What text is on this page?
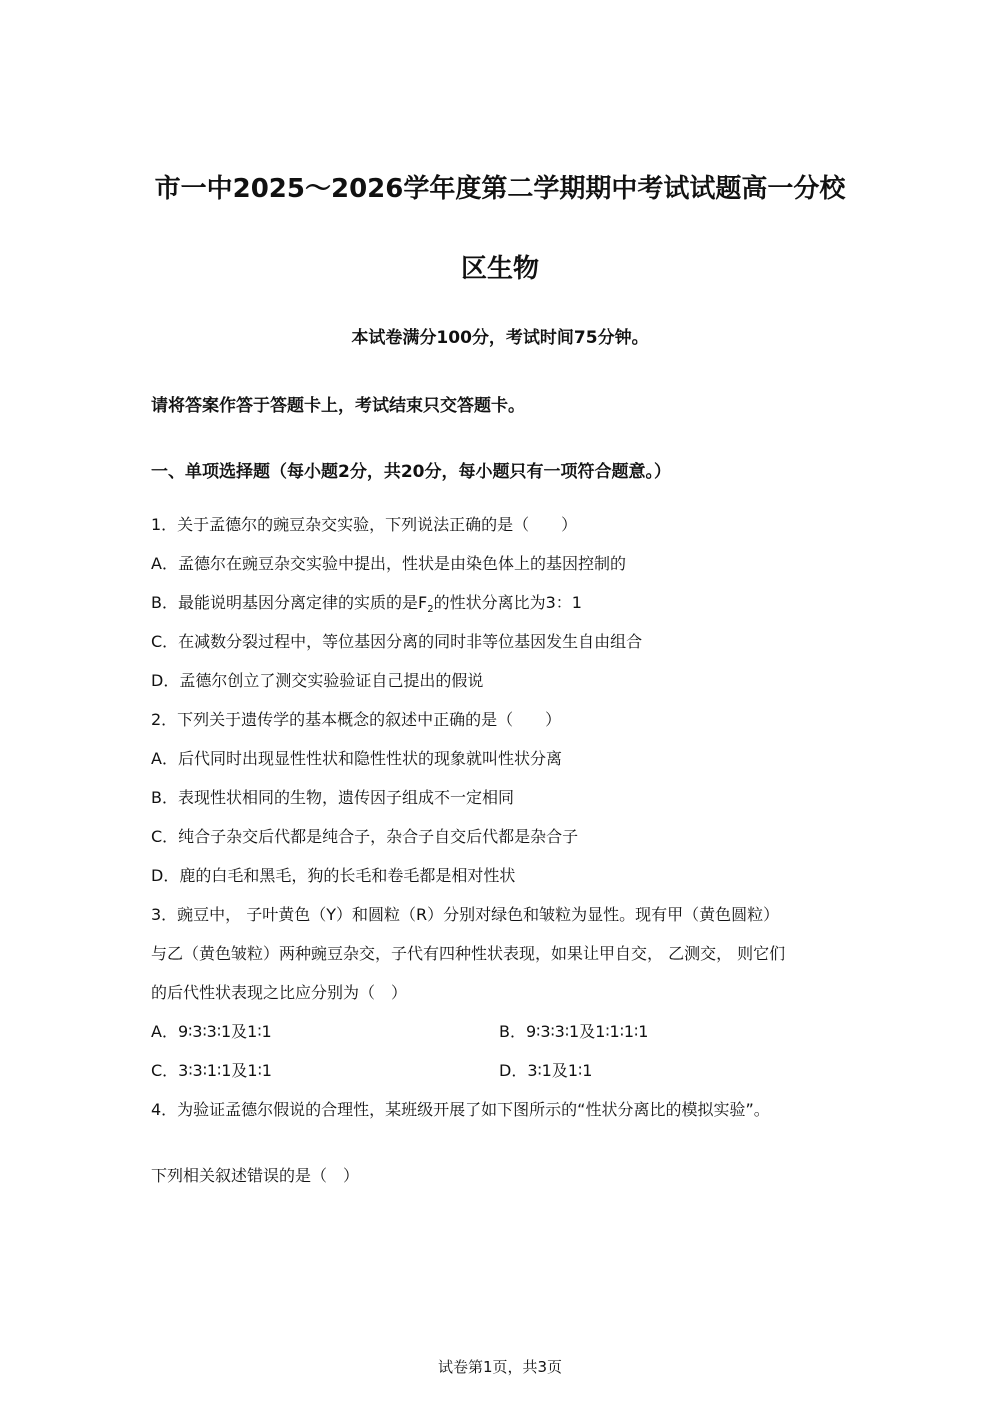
市一中2025～2026学年度第二学期期中考试试题高一分校
区生物
本试卷满分100分，考试时间75分钟。
请将答案作答于答题卡上，考试结束只交答题卡。
一、单项选择题（每小题2分，共20分，每小题只有一项符合题意。）
1．关于孟德尔的豌豆杂交实验，下列说法正确的是（　　）
A．孟德尔在豌豆杂交实验中提出，性状是由染色体上的基因控制的
B．最能说明基因分离定律的实质的是$F_2$的性状分离比为3：1
C．在减数分裂过程中，等位基因分离的同时非等位基因发生自由组合
D．孟德尔创立了测交实验验证自己提出的假说
2．下列关于遗传学的基本概念的叙述中正确的是（　　）
A．后代同时出现显性性状和隐性性状的现象就叫性状分离
B．表现性状相同的生物，遗传因子组成不一定相同
C．纯合子杂交后代都是纯合子，杂合子自交后代都是杂合子
D．鹿的白毛和黑毛，狗的长毛和卷毛都是相对性状
3．豌豆中， 子叶黄色（Y）和圆粒（R）分别对绿色和皱粒为显性。现有甲（黄色圆粒）
与乙（黄色皱粒）两种豌豆杂交，子代有四种性状表现，如果让甲自交， 乙测交， 则它们
的后代性状表现之比应分别为（　）
A．9∶3∶3∶1及1∶1	B．9∶3∶3∶1及1∶1∶1∶1
C．3∶3∶1∶1及1∶1	D．3∶1及1∶1
4．为验证孟德尔假说的合理性，某班级开展了如下图所示的“性状分离比的模拟实验”。
下列相关叙述错误的是（　）
试卷第1页，共3页
